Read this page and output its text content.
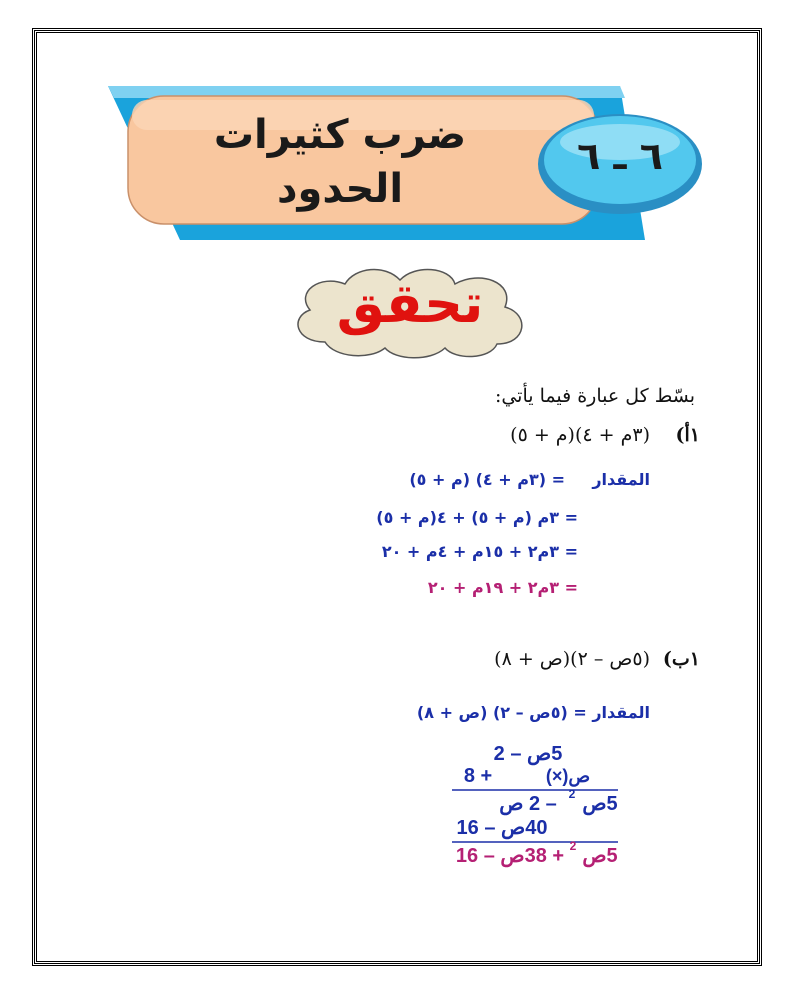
ضرب كثيرات
الحدود
٦ ـ ٦
تحقق
بسّط كل عبارة فيما يأتي:
١أ)
(٣م + ٤)(م + ٥)
المقدار
= (٣م + ٤) (م + ٥)
= ٣م (م + ٥) + ٤(م + ٥)
= ٣م٢ + ١٥م + ٤م + ٢٠
= ٣م٢ + ١٩م + ٢٠
١ب)
(٥ص – ٢)(ص + ٨)
المقدار = (٥ص – ٢) (ص + ٨)
5ص – 2
8 +	ص(×)
5ص
2
– 2 ص
40ص – 16
5ص
2
+ 38ص – 16
